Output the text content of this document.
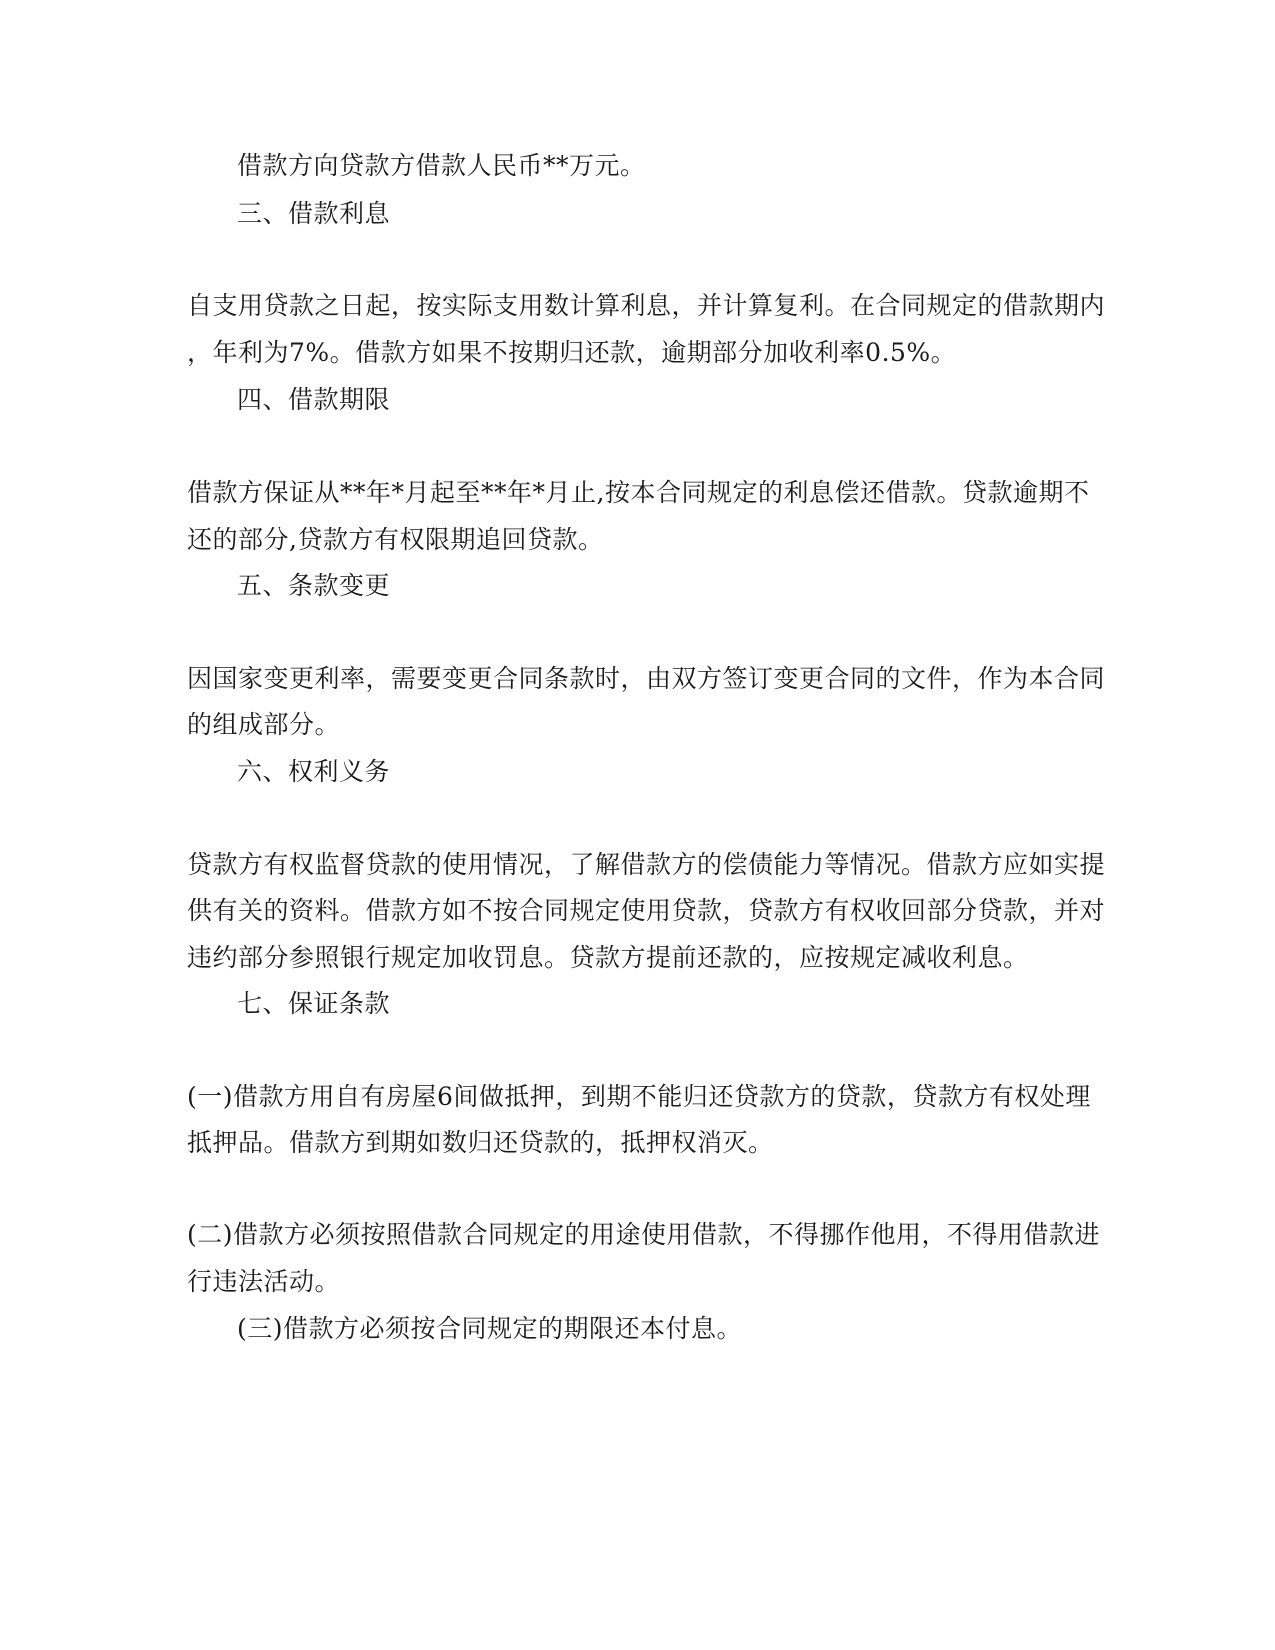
借款方向贷款方借款人民币**万元。
三、借款利息
自支用贷款之日起，按实际支用数计算利息，并计算复利。在合同规定的借款期内
，年利为7%。借款方如果不按期归还款，逾期部分加收利率0.5%。
四、借款期限
借款方保证从**年*月起至**年*月止,按本合同规定的利息偿还借款。贷款逾期不
还的部分,贷款方有权限期追回贷款。
五、条款变更
因国家变更利率，需要变更合同条款时，由双方签订变更合同的文件，作为本合同
的组成部分。
六、权利义务
贷款方有权监督贷款的使用情况，了解借款方的偿债能力等情况。借款方应如实提
供有关的资料。借款方如不按合同规定使用贷款，贷款方有权收回部分贷款，并对
违约部分参照银行规定加收罚息。贷款方提前还款的，应按规定减收利息。
七、保证条款
(一)借款方用自有房屋6间做抵押，到期不能归还贷款方的贷款，贷款方有权处理
抵押品。借款方到期如数归还贷款的，抵押权消灭。
(二)借款方必须按照借款合同规定的用途使用借款，不得挪作他用，不得用借款进
行违法活动。
(三)借款方必须按合同规定的期限还本付息。
